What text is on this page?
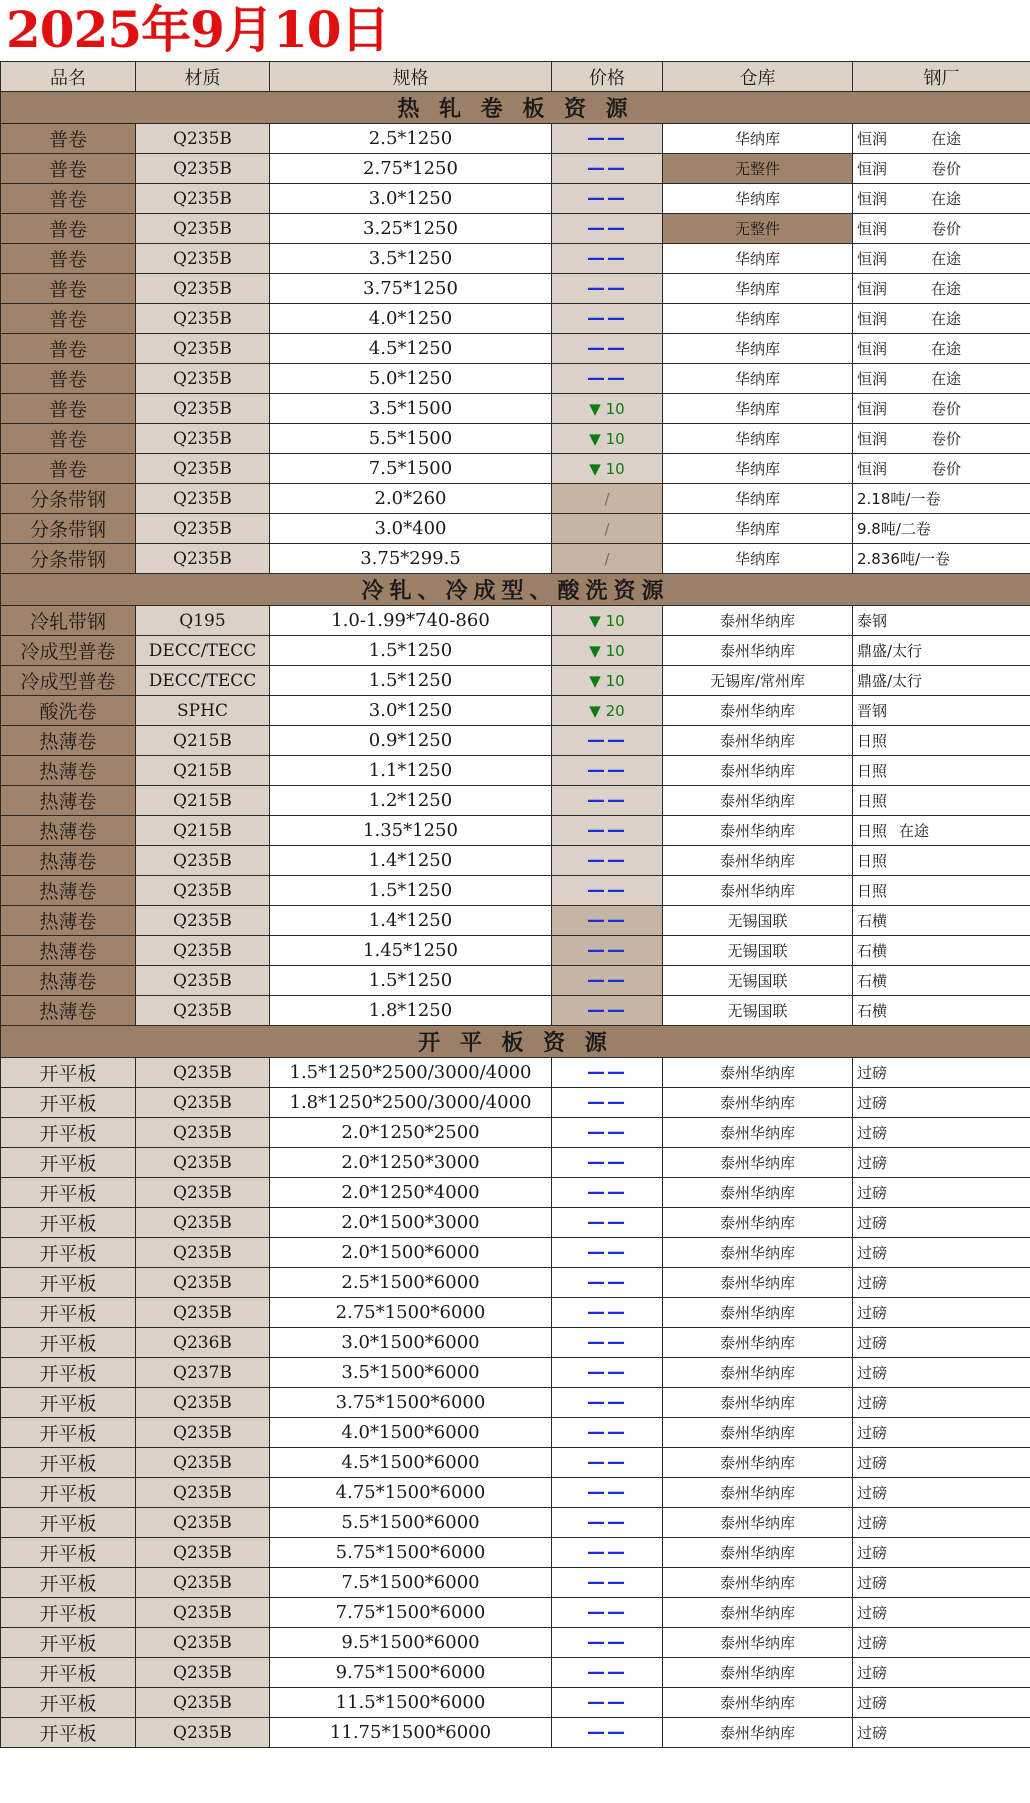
2025年9月10日
品名	材质	规格	价格	仓库	钢厂
热 轧 卷 板 资 源					
普卷	Q235B	2.5*1250	——	华纳库	恒润 在途
普卷	Q235B	2.75*1250	——	无整件	恒润 卷价
普卷	Q235B	3.0*1250	——	华纳库	恒润 在途
普卷	Q235B	3.25*1250	——	无整件	恒润 卷价
普卷	Q235B	3.5*1250	——	华纳库	恒润 在途
普卷	Q235B	3.75*1250	——	华纳库	恒润 在途
普卷	Q235B	4.0*1250	——	华纳库	恒润 在途
普卷	Q235B	4.5*1250	——	华纳库	恒润 在途
普卷	Q235B	5.0*1250	——	华纳库	恒润 在途
普卷	Q235B	3.5*1500	▼ 10	华纳库	恒润 卷价
普卷	Q235B	5.5*1500	▼ 10	华纳库	恒润 卷价
普卷	Q235B	7.5*1500	▼ 10	华纳库	恒润 卷价
分条带钢	Q235B	2.0*260	/	华纳库	2.18吨/一卷
分条带钢	Q235B	3.0*400	/	华纳库	9.8吨/二卷
分条带钢	Q235B	3.75*299.5	/	华纳库	2.836吨/一卷
冷轧、冷成型、酸洗资源					
冷轧带钢	Q195	1.0-1.99*740-860	▼ 10	泰州华纳库	泰钢
冷成型普卷	DECC/TECC	1.5*1250	▼ 10	泰州华纳库	鼎盛/太行
冷成型普卷	DECC/TECC	1.5*1250	▼ 10	无锡库/常州库	鼎盛/太行
酸洗卷	SPHC	3.0*1250	▼ 20	泰州华纳库	晋钢
热薄卷	Q215B	0.9*1250	——	泰州华纳库	日照
热薄卷	Q215B	1.1*1250	——	泰州华纳库	日照
热薄卷	Q215B	1.2*1250	——	泰州华纳库	日照
热薄卷	Q215B	1.35*1250	——	泰州华纳库	日照 在途
热薄卷	Q235B	1.4*1250	——	泰州华纳库	日照
热薄卷	Q235B	1.5*1250	——	泰州华纳库	日照
热薄卷	Q235B	1.4*1250	——	无锡国联	石横
热薄卷	Q235B	1.45*1250	——	无锡国联	石横
热薄卷	Q235B	1.5*1250	——	无锡国联	石横
热薄卷	Q235B	1.8*1250	——	无锡国联	石横
开 平 板 资 源					
开平板	Q235B	1.5*1250*2500/3000/4000	——	泰州华纳库	过磅
开平板	Q235B	1.8*1250*2500/3000/4000	——	泰州华纳库	过磅
开平板	Q235B	2.0*1250*2500	——	泰州华纳库	过磅
开平板	Q235B	2.0*1250*3000	——	泰州华纳库	过磅
开平板	Q235B	2.0*1250*4000	——	泰州华纳库	过磅
开平板	Q235B	2.0*1500*3000	——	泰州华纳库	过磅
开平板	Q235B	2.0*1500*6000	——	泰州华纳库	过磅
开平板	Q235B	2.5*1500*6000	——	泰州华纳库	过磅
开平板	Q235B	2.75*1500*6000	——	泰州华纳库	过磅
开平板	Q236B	3.0*1500*6000	——	泰州华纳库	过磅
开平板	Q237B	3.5*1500*6000	——	泰州华纳库	过磅
开平板	Q235B	3.75*1500*6000	——	泰州华纳库	过磅
开平板	Q235B	4.0*1500*6000	——	泰州华纳库	过磅
开平板	Q235B	4.5*1500*6000	——	泰州华纳库	过磅
开平板	Q235B	4.75*1500*6000	——	泰州华纳库	过磅
开平板	Q235B	5.5*1500*6000	——	泰州华纳库	过磅
开平板	Q235B	5.75*1500*6000	——	泰州华纳库	过磅
开平板	Q235B	7.5*1500*6000	——	泰州华纳库	过磅
开平板	Q235B	7.75*1500*6000	——	泰州华纳库	过磅
开平板	Q235B	9.5*1500*6000	——	泰州华纳库	过磅
开平板	Q235B	9.75*1500*6000	——	泰州华纳库	过磅
开平板	Q235B	11.5*1500*6000	——	泰州华纳库	过磅
开平板	Q235B	11.75*1500*6000	——	泰州华纳库	过磅
